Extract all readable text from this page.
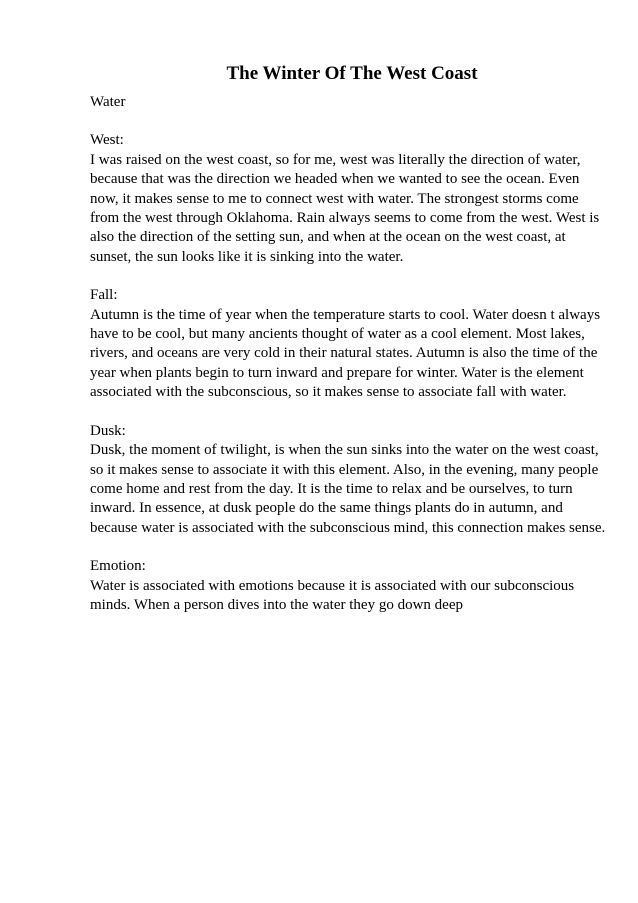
The Winter Of The West Coast
Water
West:
I was raised on the west coast, so for me, west was literally the direction of water,
because that was the direction we headed when we wanted to see the ocean. Even
now, it makes sense to me to connect west with water. The strongest storms come
from the west through Oklahoma. Rain always seems to come from the west. West is
also the direction of the setting sun, and when at the ocean on the west coast, at
sunset, the sun looks like it is sinking into the water.
Fall:
Autumn is the time of year when the temperature starts to cool. Water doesn t always
have to be cool, but many ancients thought of water as a cool element. Most lakes,
rivers, and oceans are very cold in their natural states. Autumn is also the time of the
year when plants begin to turn inward and prepare for winter. Water is the element
associated with the subconscious, so it makes sense to associate fall with water.
Dusk:
Dusk, the moment of twilight, is when the sun sinks into the water on the west coast,
so it makes sense to associate it with this element. Also, in the evening, many people
come home and rest from the day. It is the time to relax and be ourselves, to turn
inward. In essence, at dusk people do the same things plants do in autumn, and
because water is associated with the subconscious mind, this connection makes sense.
Emotion:
Water is associated with emotions because it is associated with our subconscious
minds. When a person dives into the water they go down deep
